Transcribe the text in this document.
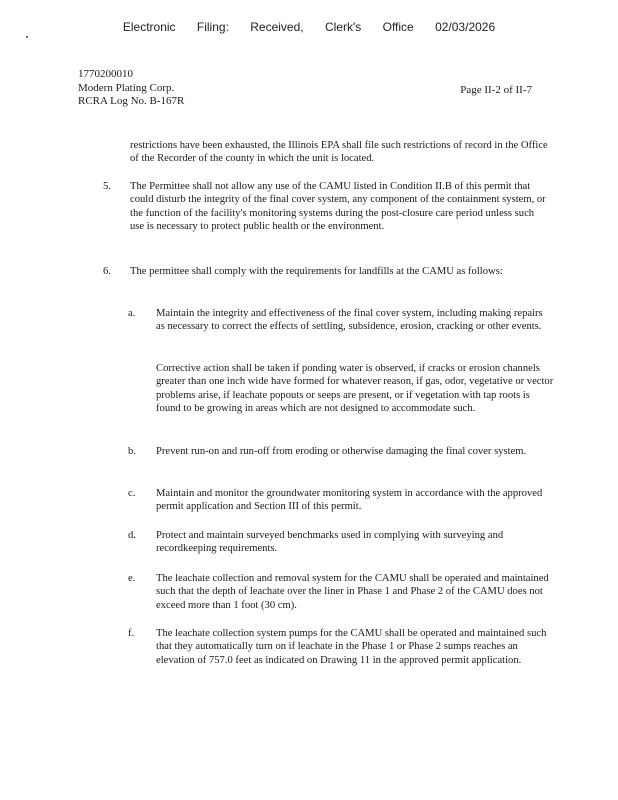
Electronic Filing: Received, Clerk's Office 02/03/2026
1770200010
Modern Plating Corp.
RCRA Log No. B-167R
Page II-2 of II-7
restrictions have been exhausted, the Illinois EPA shall file such restrictions of record in the Office of the Recorder of the county in which the unit is located.
5. The Permittee shall not allow any use of the CAMU listed in Condition II.B of this permit that could disturb the integrity of the final cover system, any component of the containment system, or the function of the facility's monitoring systems during the post-closure care period unless such use is necessary to protect public health or the environment.
6. The permittee shall comply with the requirements for landfills at the CAMU as follows:
a. Maintain the integrity and effectiveness of the final cover system, including making repairs as necessary to correct the effects of settling, subsidence, erosion, cracking or other events.
Corrective action shall be taken if ponding water is observed, if cracks or erosion channels greater than one inch wide have formed for whatever reason, if gas, odor, vegetative or vector problems arise, if leachate popouts or seeps are present, or if vegetation with tap roots is found to be growing in areas which are not designed to accommodate such.
b. Prevent run-on and run-off from eroding or otherwise damaging the final cover system.
c. Maintain and monitor the groundwater monitoring system in accordance with the approved permit application and Section III of this permit.
d. Protect and maintain surveyed benchmarks used in complying with surveying and recordkeeping requirements.
e. The leachate collection and removal system for the CAMU shall be operated and maintained such that the depth of leachate over the liner in Phase 1 and Phase 2 of the CAMU does not exceed more than 1 foot (30 cm).
f. The leachate collection system pumps for the CAMU shall be operated and maintained such that they automatically turn on if leachate in the Phase 1 or Phase 2 sumps reaches an elevation of 757.0 feet as indicated on Drawing 11 in the approved permit application.
